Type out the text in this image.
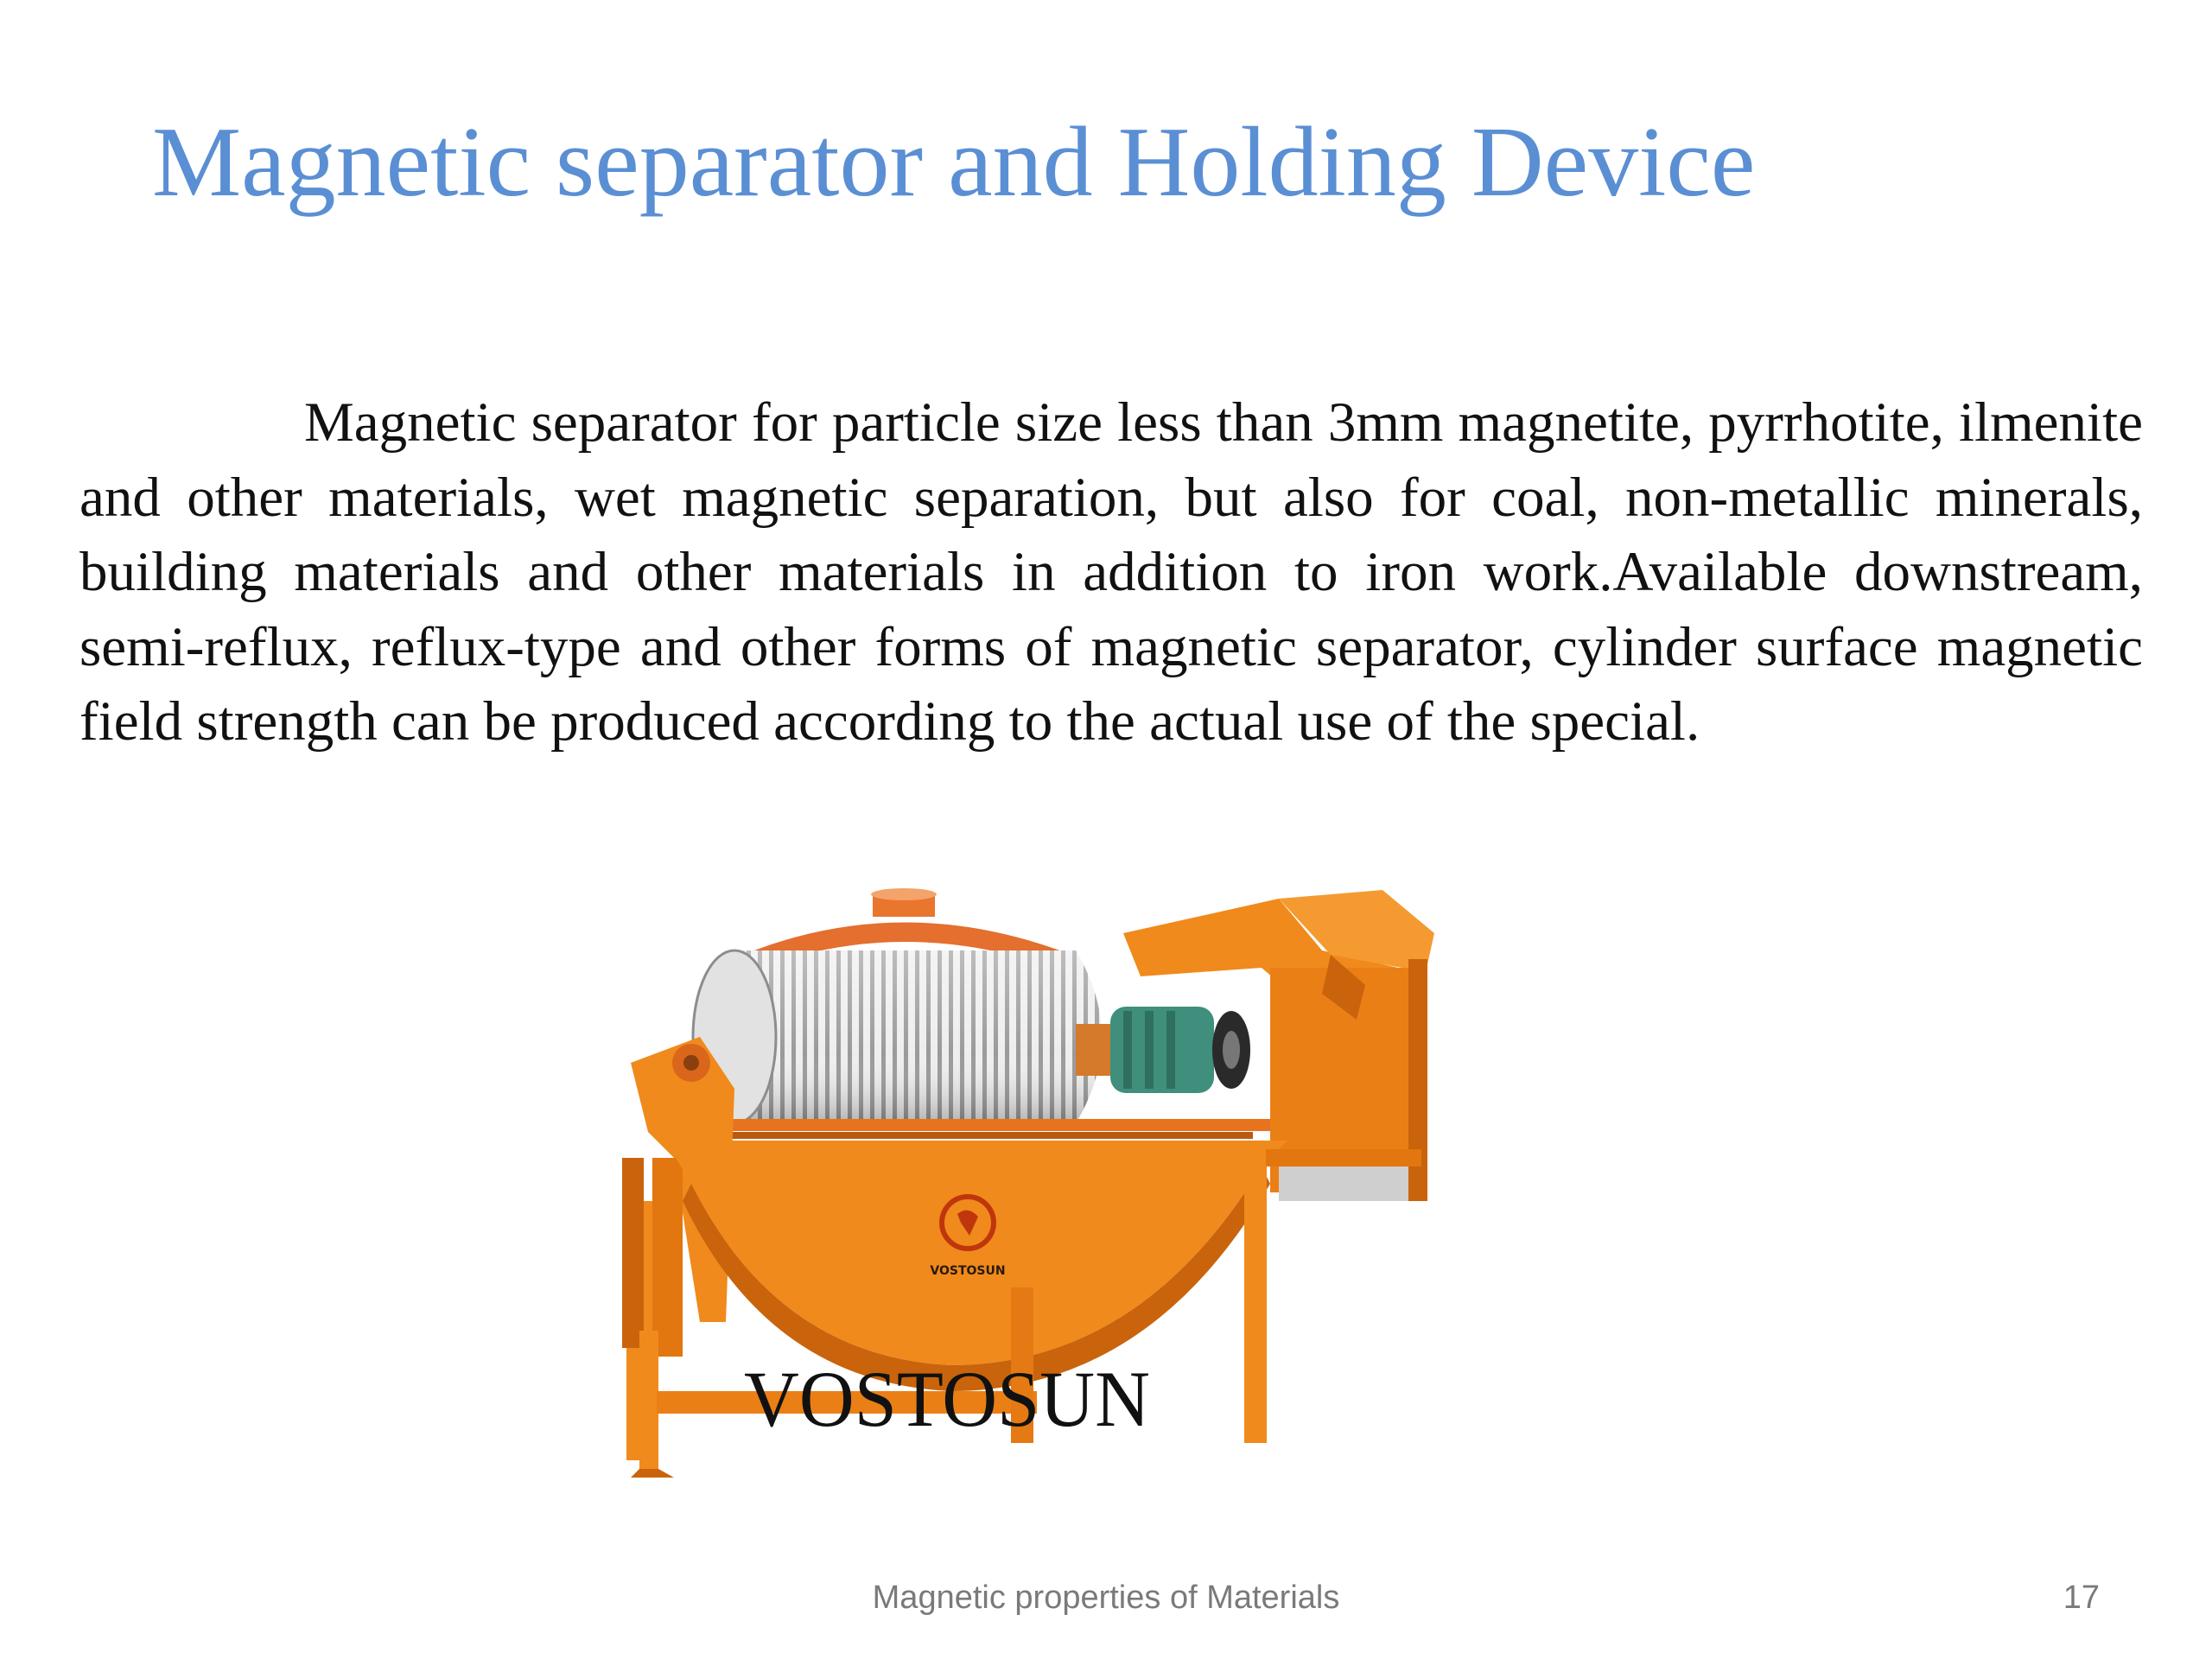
Magnetic separator and Holding Device

Magnetic separator for particle size less than 3mm magnetite, pyrrhotite, ilmenite and other materials, wet magnetic separation, but also for coal, non-metallic minerals, building materials and other materials in addition to iron work.Available downstream, semi-reflux, reflux-type and other forms of magnetic separator, cylinder surface magnetic field strength can be produced according to the actual use of the special.

VOSTOSUN
VOSTOSUN
Magnetic properties of Materials	17
